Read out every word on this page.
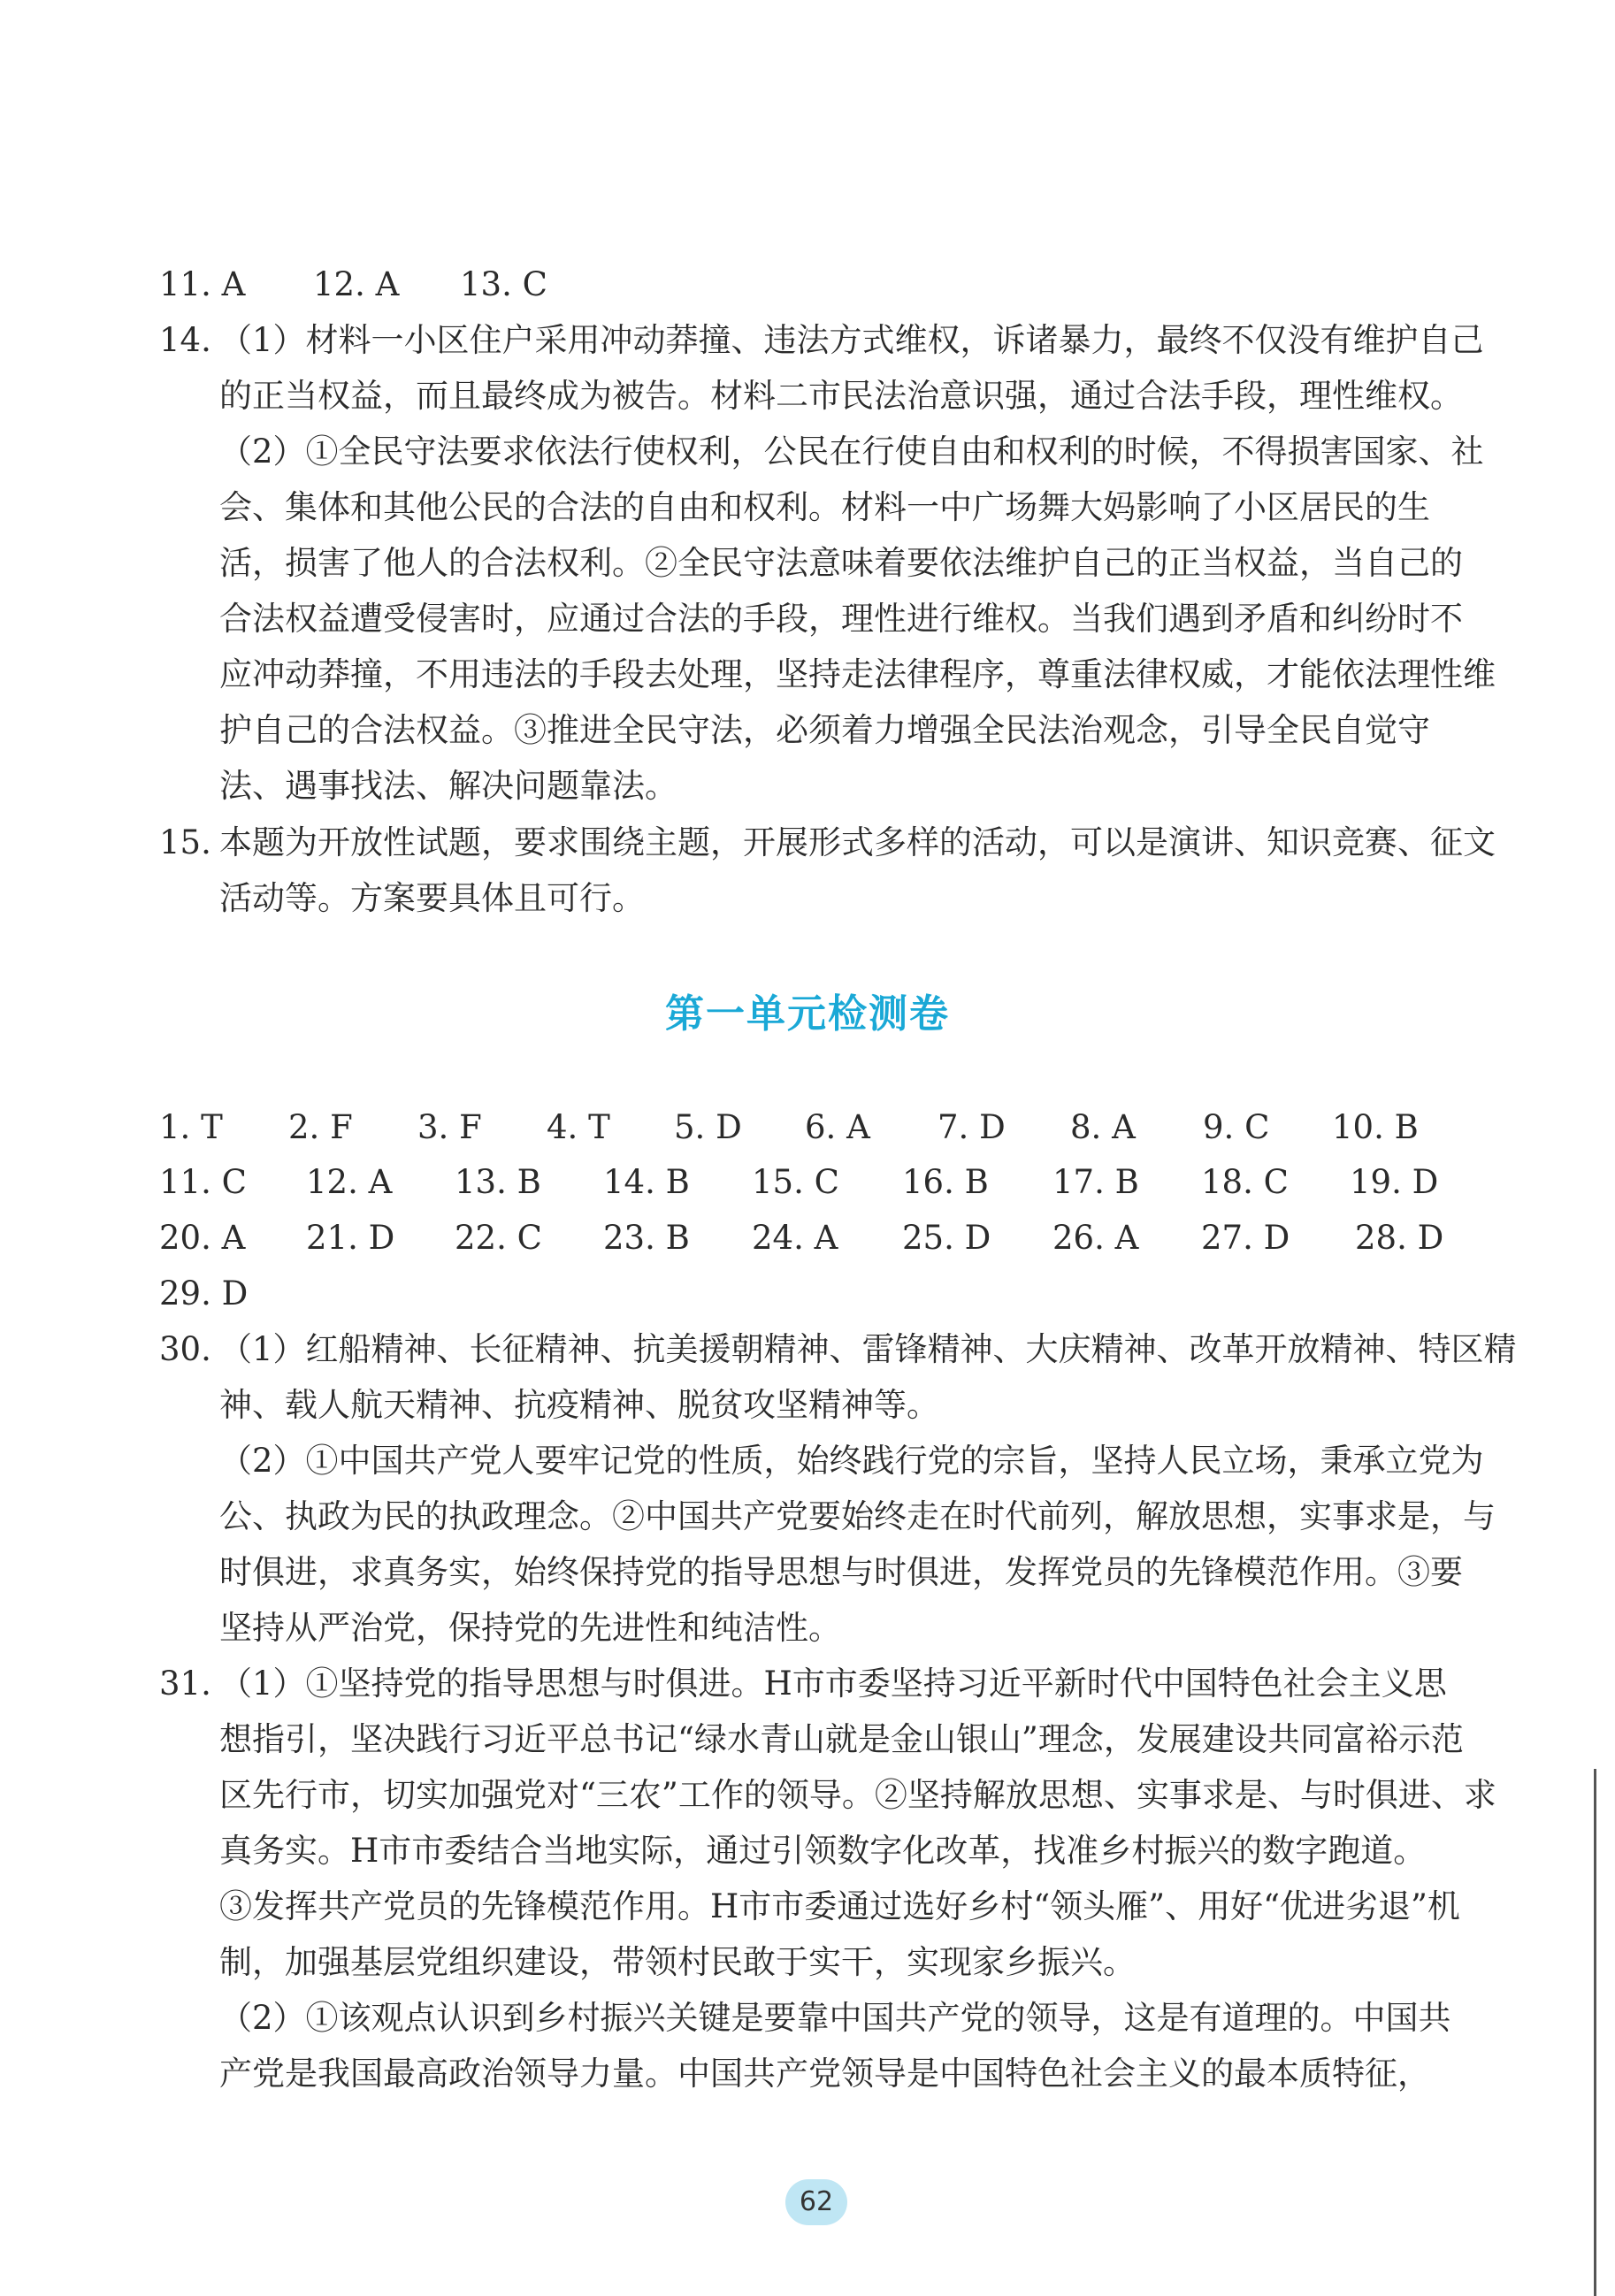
11. A 12. A 13. C
14. （1）材料一小区住户采用冲动莽撞、违法方式维权，诉诸暴力，最终不仅没有维护自己
的正当权益，而且最终成为被告。材料二市民法治意识强，通过合法手段，理性维权。
（2）①全民守法要求依法行使权利，公民在行使自由和权利的时候，不得损害国家、社
会、集体和其他公民的合法的自由和权利。材料一中广场舞大妈影响了小区居民的生
活，损害了他人的合法权利。②全民守法意味着要依法维护自己的正当权益，当自己的
合法权益遭受侵害时，应通过合法的手段，理性进行维权。当我们遇到矛盾和纠纷时不
应冲动莽撞，不用违法的手段去处理，坚持走法律程序，尊重法律权威，才能依法理性维
护自己的合法权益。③推进全民守法，必须着力增强全民法治观念，引导全民自觉守
法、遇事找法、解决问题靠法。
15. 本题为开放性试题，要求围绕主题，开展形式多样的活动，可以是演讲、知识竞赛、征文
活动等。方案要具体且可行。
第一单元检测卷
1. T 2. F 3. F 4. T 5. D 6. A 7. D 8. A 9. C 10. B
11. C 12. A 13. B 14. B 15. C 16. B 17. B 18. C 19. D
20. A 21. D 22. C 23. B 24. A 25. D 26. A 27. D 28. D
29. D
30. （1）红船精神、长征精神、抗美援朝精神、雷锋精神、大庆精神、改革开放精神、特区精
神、载人航天精神、抗疫精神、脱贫攻坚精神等。
（2）①中国共产党人要牢记党的性质，始终践行党的宗旨，坚持人民立场，秉承立党为
公、执政为民的执政理念。②中国共产党要始终走在时代前列，解放思想，实事求是，与
时俱进，求真务实，始终保持党的指导思想与时俱进，发挥党员的先锋模范作用。③要
坚持从严治党，保持党的先进性和纯洁性。
31. （1）①坚持党的指导思想与时俱进。H市市委坚持习近平新时代中国特色社会主义思
想指引，坚决践行习近平总书记“绿水青山就是金山银山”理念，发展建设共同富裕示范
区先行市，切实加强党对“三农”工作的领导。②坚持解放思想、实事求是、与时俱进、求
真务实。H市市委结合当地实际，通过引领数字化改革，找准乡村振兴的数字跑道。
③发挥共产党员的先锋模范作用。H市市委通过选好乡村“领头雁”、用好“优进劣退”机
制，加强基层党组织建设，带领村民敢于实干，实现家乡振兴。
（2）①该观点认识到乡村振兴关键是要靠中国共产党的领导，这是有道理的。中国共
产党是我国最高政治领导力量。中国共产党领导是中国特色社会主义的最本质特征，
62
